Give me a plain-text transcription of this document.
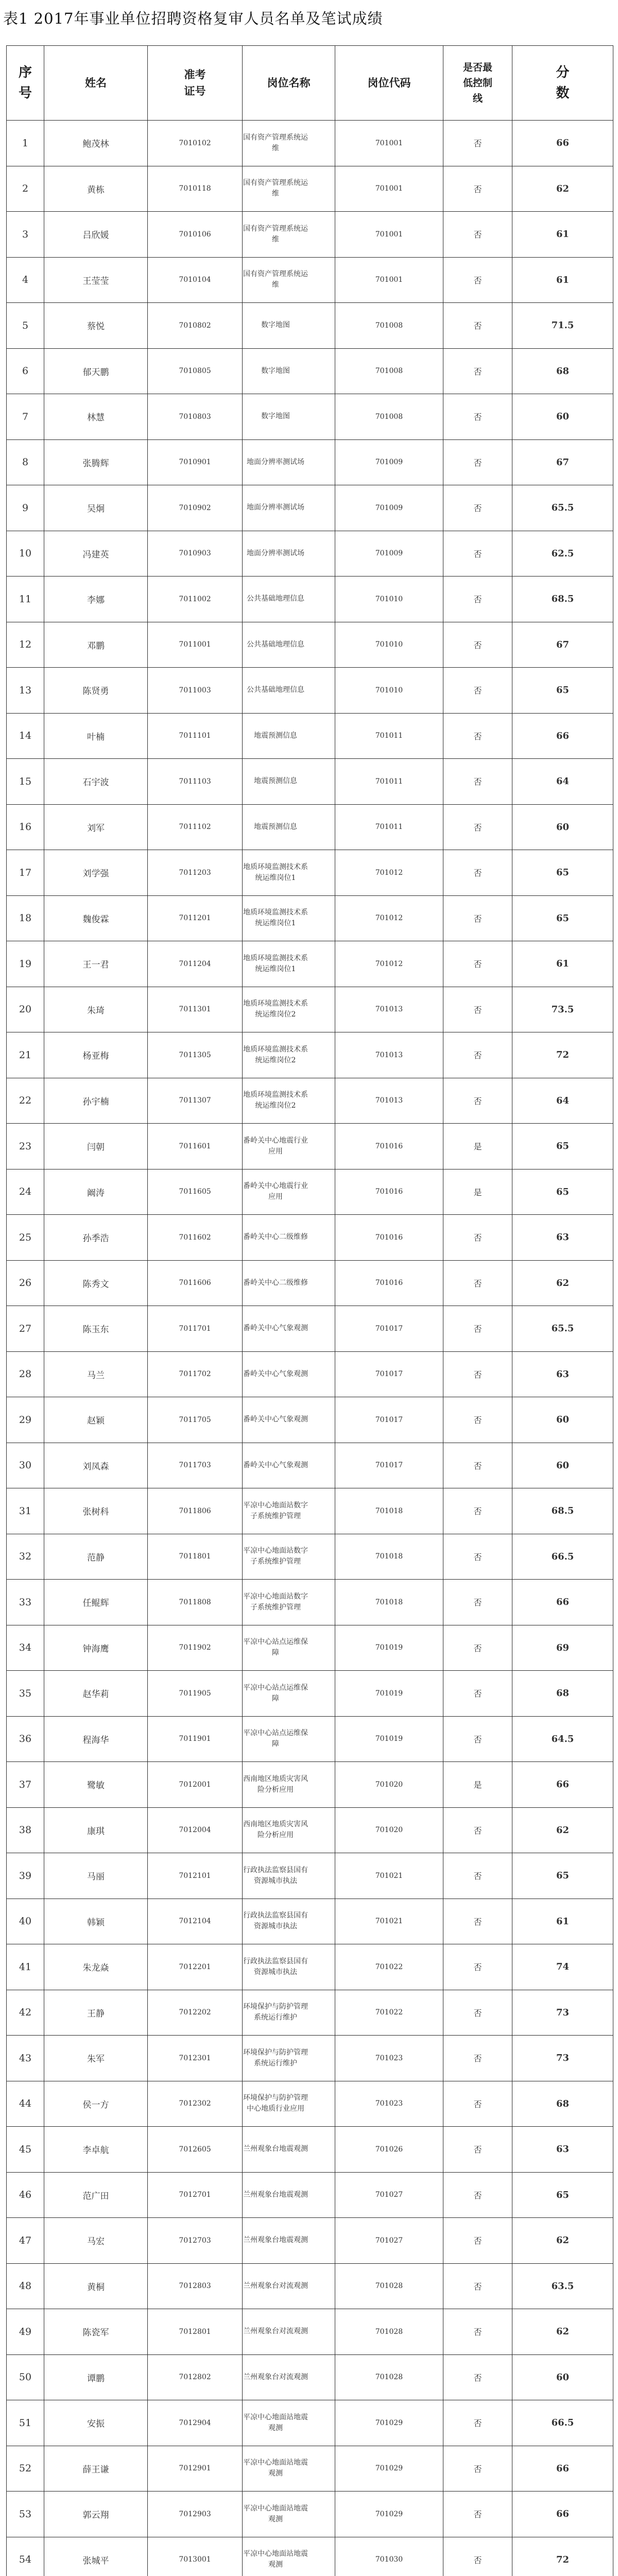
表1 2017年事业单位招聘资格复审人员名单及笔试成绩
序号	姓名	准考证号	岗位名称	岗位代码	是否最低控制线	分数

1	鲍茂林	7010102	国有资产管理系统运维	701001	否	66
2	黄栋	7010118	国有资产管理系统运维	701001	否	62
3	吕欣媛	7010106	国有资产管理系统运维	701001	否	61
4	王莹莹	7010104	国有资产管理系统运维	701001	否	61
5	蔡悦	7010802	数字地图	701008	否	71.5
6	郁天鹏	7010805	数字地图	701008	否	68
7	林慧	7010803	数字地图	701008	否	60
8	张腾辉	7010901	地面分辨率测试场	701009	否	67
9	吴炯	7010902	地面分辨率测试场	701009	否	65.5
10	冯建英	7010903	地面分辨率测试场	701009	否	62.5
11	李娜	7011002	公共基础地理信息	701010	否	68.5
12	邓鹏	7011001	公共基础地理信息	701010	否	67
13	陈贤勇	7011003	公共基础地理信息	701010	否	65
14	叶楠	7011101	地震预测信息	701011	否	66
15	石宇波	7011103	地震预测信息	701011	否	64
16	刘军	7011102	地震预测信息	701011	否	60
17	刘学强	7011203	地质环境监测技术系统运维岗位1	701012	否	65
18	魏俊霖	7011201	地质环境监测技术系统运维岗位1	701012	否	65
19	王一君	7011204	地质环境监测技术系统运维岗位1	701012	否	61
20	朱琦	7011301	地质环境监测技术系统运维岗位2	701013	否	73.5
21	杨亚梅	7011305	地质环境监测技术系统运维岗位2	701013	否	72
22	孙宇楠	7011307	地质环境监测技术系统运维岗位2	701013	否	64
23	闫朝	7011601	番岭关中心地震行业应用	701016	是	65
24	阚涛	7011605	番岭关中心地震行业应用	701016	是	65
25	孙季浩	7011602	番岭关中心二级维修	701016	否	63
26	陈秀文	7011606	番岭关中心二级维修	701016	否	62
27	陈玉东	7011701	番岭关中心气象观测	701017	否	65.5
28	马兰	7011702	番岭关中心气象观测	701017	否	63
29	赵颖	7011705	番岭关中心气象观测	701017	否	60
30	刘凤森	7011703	番岭关中心气象观测	701017	否	60
31	张树科	7011806	平凉中心地面站数字子系统维护管理	701018	否	68.5
32	范静	7011801	平凉中心地面站数字子系统维护管理	701018	否	66.5
33	任鲲辉	7011808	平凉中心地面站数字子系统维护管理	701018	否	66
34	钟海鹰	7011902	平凉中心站点运维保障	701019	否	69
35	赵华莉	7011905	平凉中心站点运维保障	701019	否	68
36	程海华	7011901	平凉中心站点运维保障	701019	否	64.5
37	鹭敏	7012001	西南地区地质灾害风险分析应用	701020	是	66
38	康琪	7012004	西南地区地质灾害风险分析应用	701020	否	62
39	马丽	7012101	行政执法监察县国有资源城市执法	701021	否	65
40	韩颖	7012104	行政执法监察县国有资源城市执法	701021	否	61
41	朱龙焱	7012201	行政执法监察县国有资源城市执法	701022	否	74
42	王静	7012202	环境保护与防护管理系统运行维护	701022	否	73
43	朱军	7012301	环境保护与防护管理系统运行维护	701023	否	73
44	侯一方	7012302	环境保护与防护管理中心地质行业应用	701023	否	68
45	李卓航	7012605	兰州观象台地震观测	701026	否	63
46	范广田	7012701	兰州观象台地震观测	701027	否	65
47	马宏	7012703	兰州观象台地震观测	701027	否	62
48	黄桐	7012803	兰州观象台对流观测	701028	否	63.5
49	陈瓷军	7012801	兰州观象台对流观测	701028	否	62
50	谭鹏	7012802	兰州观象台对流观测	701028	否	60
51	安振	7012904	平凉中心地面站地震观测	701029	否	66.5
52	薛王谦	7012901	平凉中心地面站地震观测	701029	否	66
53	郭云翔	7012903	平凉中心地面站地震观测	701029	否	66
54	张城平	7013001	平凉中心地面站地震观测	701030	否	72
